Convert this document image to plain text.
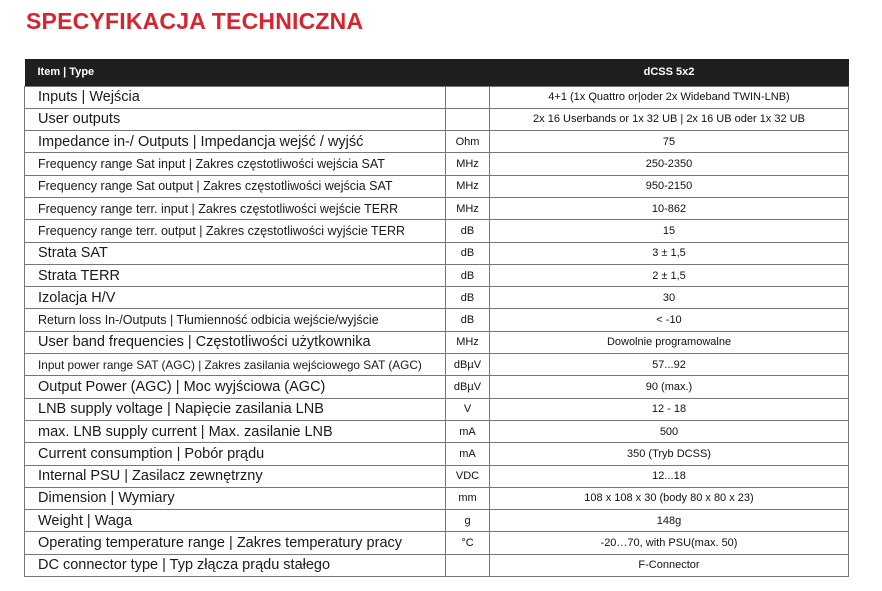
SPECYFIKACJA TECHNICZNA
Item | Type		dCSS 5x2
Inputs | Wejścia		4+1 (1x Quattro or|oder 2x Wideband TWIN-LNB)
User outputs		2x 16 Userbands or 1x 32 UB | 2x 16 UB oder 1x 32 UB
Impedance in-/ Outputs | Impedancja wejść / wyjść	Ohm	75
Frequency range Sat input | Zakres częstotliwości wejścia SAT	MHz	250-2350
Frequency range Sat output | Zakres częstotliwości wejścia SAT	MHz	950-2150
Frequency range terr. input | Zakres częstotliwości wejście TERR	MHz	10-862
Frequency range terr. output | Zakres częstotliwości wyjście TERR	dB	15
Strata SAT	dB	3 ± 1,5
Strata TERR	dB	2 ± 1,5
Izolacja H/V	dB	30
Return loss In-/Outputs | Tłumienność odbicia wejście/wyjście	dB	< -10
User band frequencies | Częstotliwości użytkownika	MHz	Dowolnie programowalne
Input power range SAT (AGC) | Zakres zasilania wejściowego SAT (AGC)	dBµV	57...92
Output Power (AGC) | Moc wyjściowa (AGC)	dBµV	90 (max.)
LNB supply voltage | Napięcie zasilania LNB	V	12 - 18
max. LNB supply current | Max. zasilanie LNB	mA	500
Current consumption | Pobór prądu	mA	350 (Tryb DCSS)
Internal PSU | Zasilacz zewnętrzny	VDC	12...18
Dimension | Wymiary	mm	108 x 108 x 30 (body 80 x 80 x 23)
Weight | Waga	g	148g
Operating temperature range | Zakres temperatury pracy	°C	-20…70, with PSU(max. 50)
DC connector type | Typ złącza prądu stałego		F-Connector
